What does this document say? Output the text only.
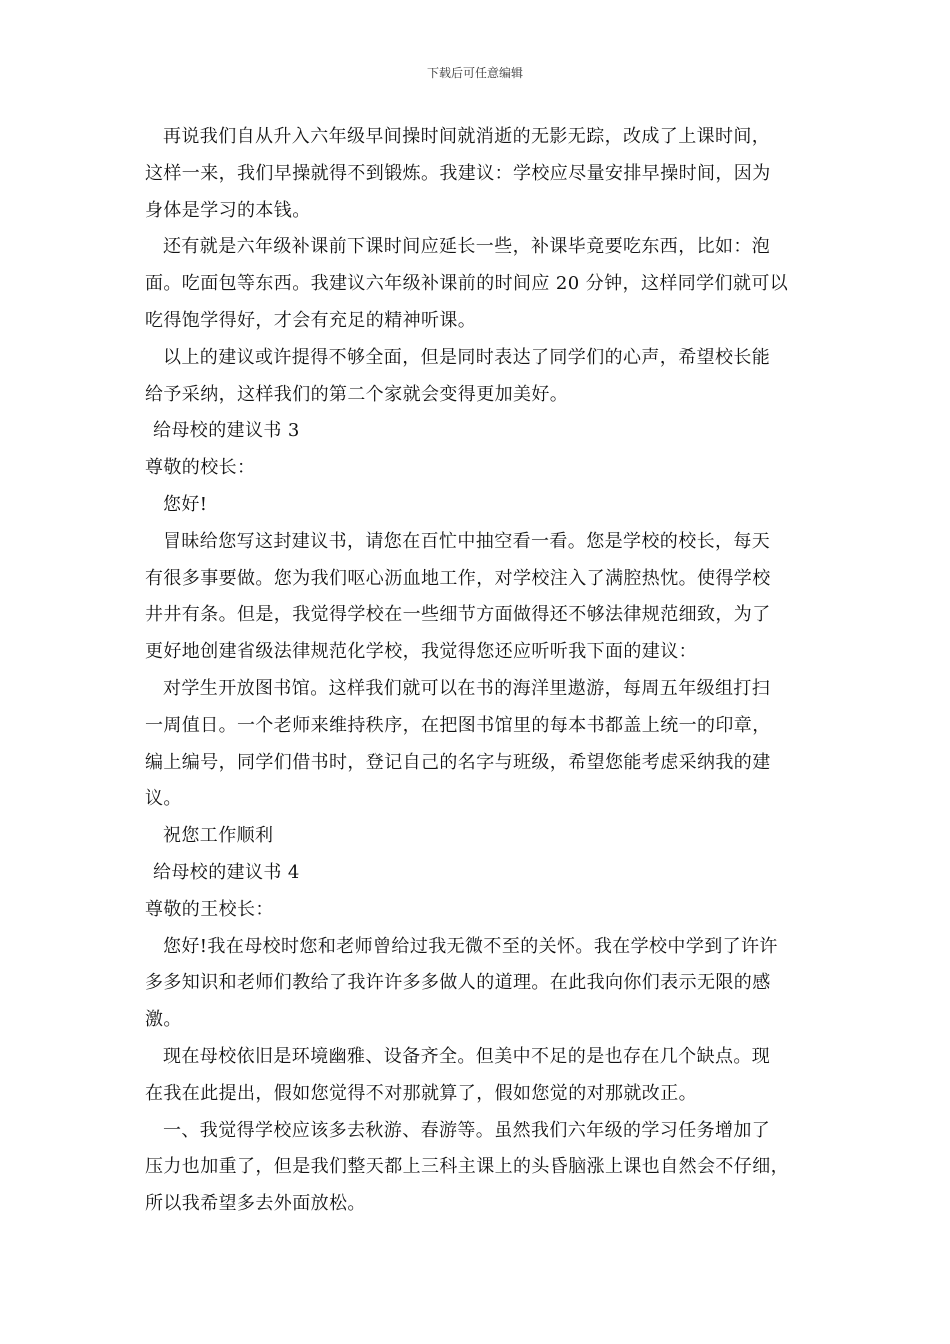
下载后可任意编辑
再说我们自从升入六年级早间操时间就消逝的无影无踪，改成了上课时间，
这样一来，我们早操就得不到锻炼。我建议：学校应尽量安排早操时间，因为
身体是学习的本钱。
还有就是六年级补课前下课时间应延长一些，补课毕竟要吃东西，比如：泡
面。吃面包等东西。我建议六年级补课前的时间应 20 分钟，这样同学们就可以
吃得饱学得好，才会有充足的精神听课。
以上的建议或许提得不够全面，但是同时表达了同学们的心声，希望校长能
给予采纳，这样我们的第二个家就会变得更加美好。
给母校的建议书 3
尊敬的校长：
您好!
冒昧给您写这封建议书，请您在百忙中抽空看一看。您是学校的校长，每天
有很多事要做。您为我们呕心沥血地工作，对学校注入了满腔热忱。使得学校
井井有条。但是，我觉得学校在一些细节方面做得还不够法律规范细致，为了
更好地创建省级法律规范化学校，我觉得您还应听听我下面的建议：
对学生开放图书馆。这样我们就可以在书的海洋里遨游，每周五年级组打扫
一周值日。一个老师来维持秩序，在把图书馆里的每本书都盖上统一的印章，
编上编号，同学们借书时，登记自己的名字与班级，希望您能考虑采纳我的建
议。
祝您工作顺利
给母校的建议书 4
尊敬的王校长：
您好!我在母校时您和老师曾给过我无微不至的关怀。我在学校中学到了许许
多多知识和老师们教给了我许许多多做人的道理。在此我向你们表示无限的感
激。
现在母校依旧是环境幽雅、设备齐全。但美中不足的是也存在几个缺点。现
在我在此提出，假如您觉得不对那就算了，假如您觉的对那就改正。
一、我觉得学校应该多去秋游、春游等。虽然我们六年级的学习任务增加了
压力也加重了，但是我们整天都上三科主课上的头昏脑涨上课也自然会不仔细，
所以我希望多去外面放松。
